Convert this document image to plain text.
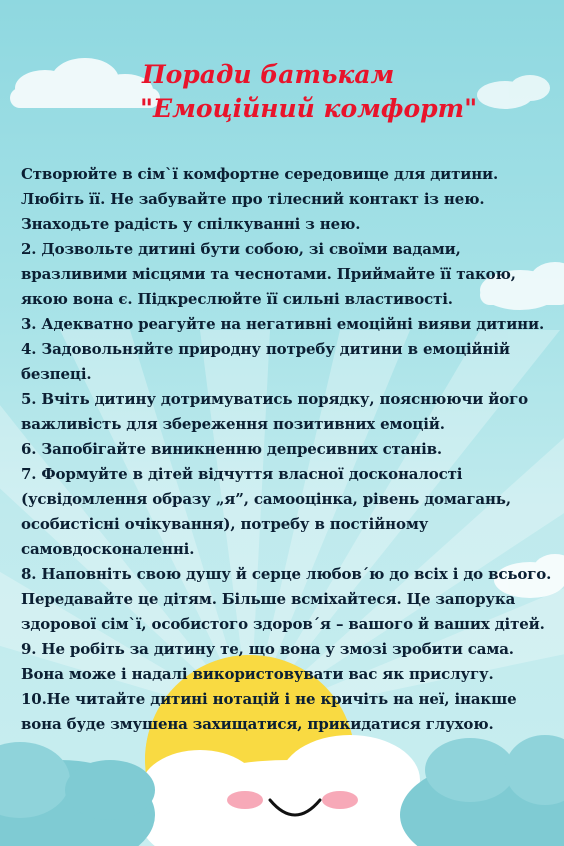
Поради батькам
"Емоційний комфорт"

Створюйте в сім`ї комфортне середовище для дитини. Любіть її. Не забувайте про тілесний контакт із нею. Знаходьте радість у спілкуванні з нею.

2. Дозвольте дитині бути собою, зі своїми вадами, вразливими місцями та чеснотами. Приймайте її такою, якою вона є. Підкреслюйте її сильні властивості.

3. Адекватно реагуйте на негативні емоційні вияви дитини.

4. Задовольняйте природну потребу дитини в емоційній безпеці.

5. Вчіть дитину дотримуватись порядку, пояснюючи його важливість для збереження позитивних емоцій.

6. Запобігайте виникненню депресивних станів.

7. Формуйте в дітей відчуття власної досконалості (усвідомлення образу „я”, самооцінка, рівень домагань, особистісні очікування), потребу в постійному самовдосконаленні.

8. Наповніть свою душу й серце любов´ю до всіх і до всього. Передавайте це дітям. Більше всміхайтеся. Це запорука здорової сім`ї, особистого здоров´я – вашого й ваших дітей.

9. Не робіть за дитину те, що вона у змозі зробити сама. Вона може і надалі використовувати вас як прислугу.

10.Не читайте дитині нотацій і не кричіть на неї, інакше вона буде змушена захищатися, прикидатися глухою.
